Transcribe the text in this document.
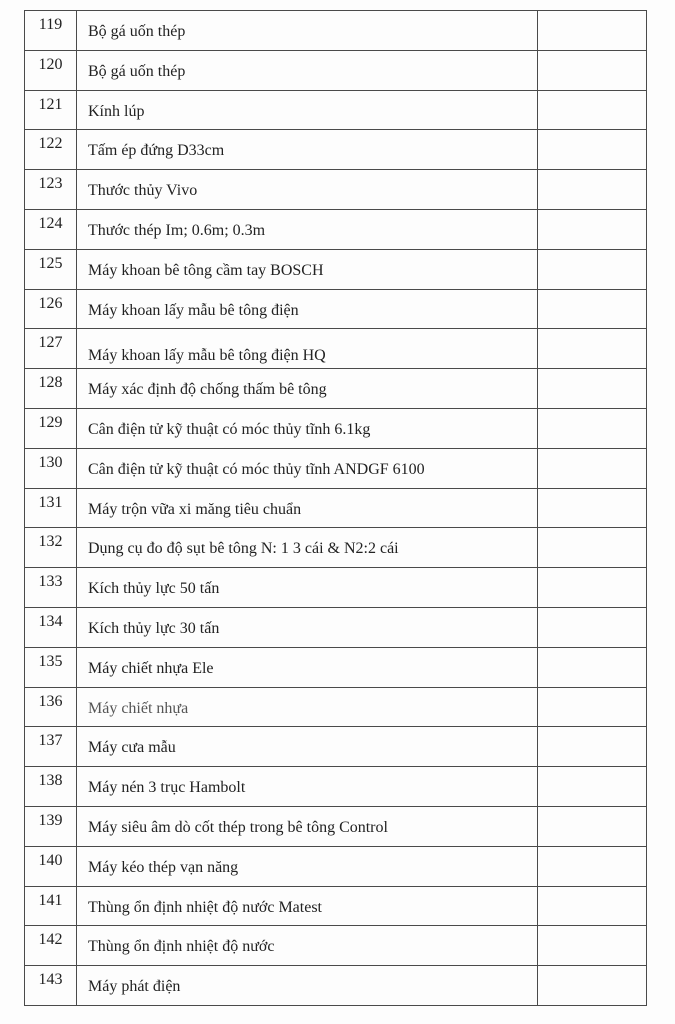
119	Bộ gá uốn thép	
120	Bộ gá uốn thép	
121	Kính lúp	
122	Tấm ép đứng D33cm	
123	Thước thủy Vivo	
124	Thước thép Im; 0.6m; 0.3m	
125	Máy khoan bê tông cầm tay BOSCH	
126	Máy khoan lấy mẫu bê tông điện	
127	Máy khoan lấy mẫu bê tông điện HQ	
128	Máy xác định độ chống thấm bê tông	
129	Cân điện tử kỹ thuật có móc thủy tĩnh 6.1kg	
130	Cân điện tử kỹ thuật có móc thủy tĩnh ANDGF 6100	
131	Máy trộn vữa xi măng tiêu chuẩn	
132	Dụng cụ đo độ sụt bê tông N: 1 3 cái & N2:2 cái	
133	Kích thủy lực 50 tấn	
134	Kích thủy lực 30 tấn	
135	Máy chiết nhựa Ele	
136	Máy chiết nhựa	
137	Máy cưa mẫu	
138	Máy nén 3 trục Hambolt	
139	Máy siêu âm dò cốt thép trong bê tông Control	
140	Máy kéo thép vạn năng	
141	Thùng ổn định nhiệt độ nước Matest	
142	Thùng ổn định nhiệt độ nước	
143	Máy phát điện	
